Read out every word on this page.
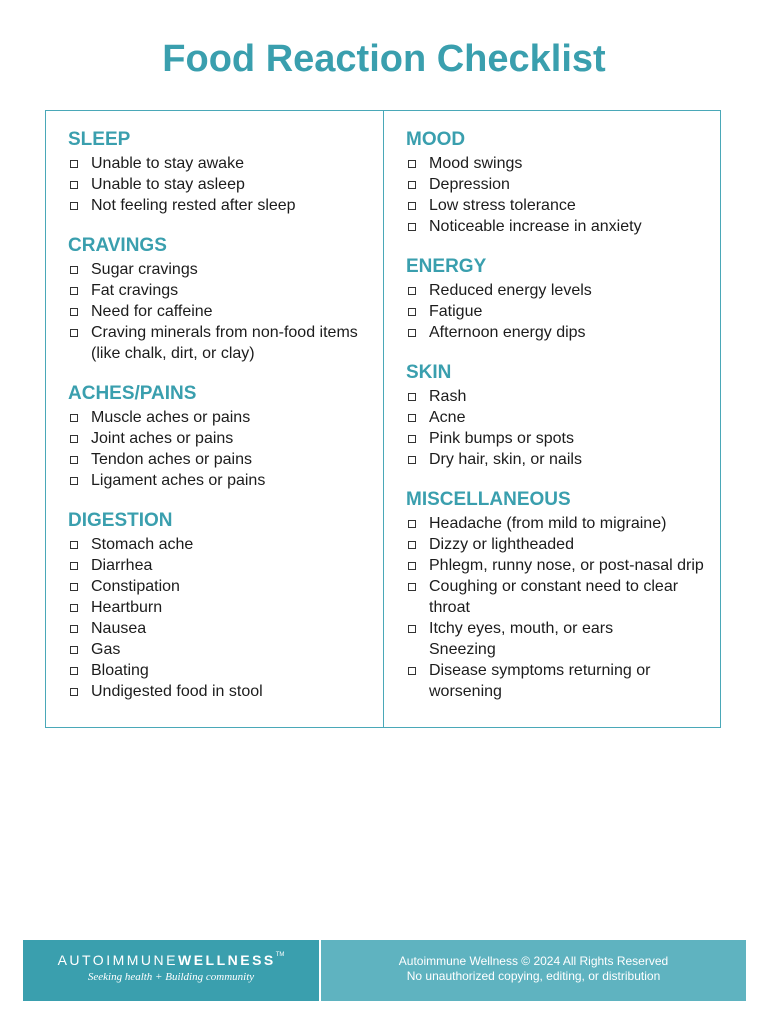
Food Reaction Checklist
SLEEP
Unable to stay awake
Unable to stay asleep
Not feeling rested after sleep
CRAVINGS
Sugar cravings
Fat cravings
Need for caffeine
Craving minerals from non-food items (like chalk, dirt, or clay)
ACHES/PAINS
Muscle aches or pains
Joint aches or pains
Tendon aches or pains
Ligament aches or pains
DIGESTION
Stomach ache
Diarrhea
Constipation
Heartburn
Nausea
Gas
Bloating
Undigested food in stool
MOOD
Mood swings
Depression
Low stress tolerance
Noticeable increase in anxiety
ENERGY
Reduced energy levels
Fatigue
Afternoon energy dips
SKIN
Rash
Acne
Pink bumps or spots
Dry hair, skin, or nails
MISCELLANEOUS
Headache (from mild to migraine)
Dizzy or lightheaded
Phlegm, runny nose, or post-nasal drip
Coughing or constant need to clear throat
Itchy eyes, mouth, or ears
Sneezing
Disease symptoms returning or worsening
AUTOIMMUNEWELLNESS™
Seeking health + Building community
Autoimmune Wellness © 2024 All Rights Reserved
No unauthorized copying, editing, or distribution
